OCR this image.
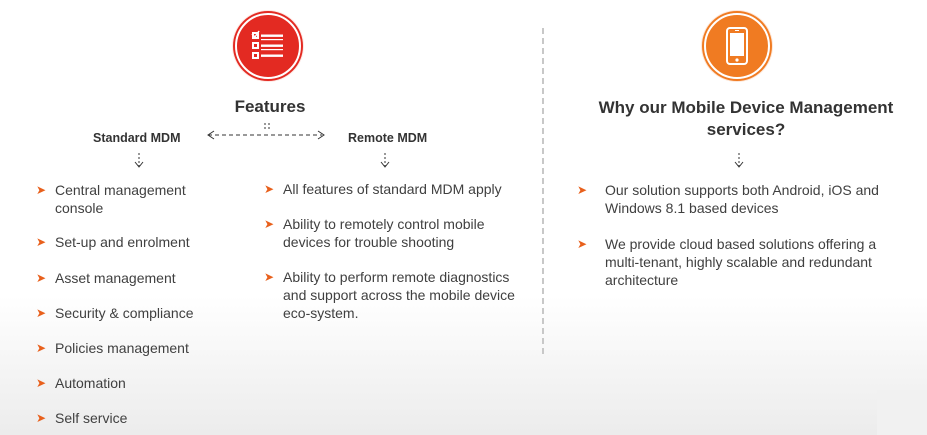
Features
Standard MDM	Remote MDM
➤ Central management console
➤ Set-up and enrolment
➤ Asset management
➤ Security & compliance
➤ Policies management
➤ Automation
➤ Self service
➤ All features of standard MDM apply
➤ Ability to remotely control mobile devices for trouble shooting
➤ Ability to perform remote diagnostics and support across the mobile device eco-system.
Why our Mobile Device Management services?
➤ Our solution supports both Android, iOS and Windows 8.1 based devices
➤ We provide cloud based solutions offering a multi-tenant, highly scalable and redundant architecture
